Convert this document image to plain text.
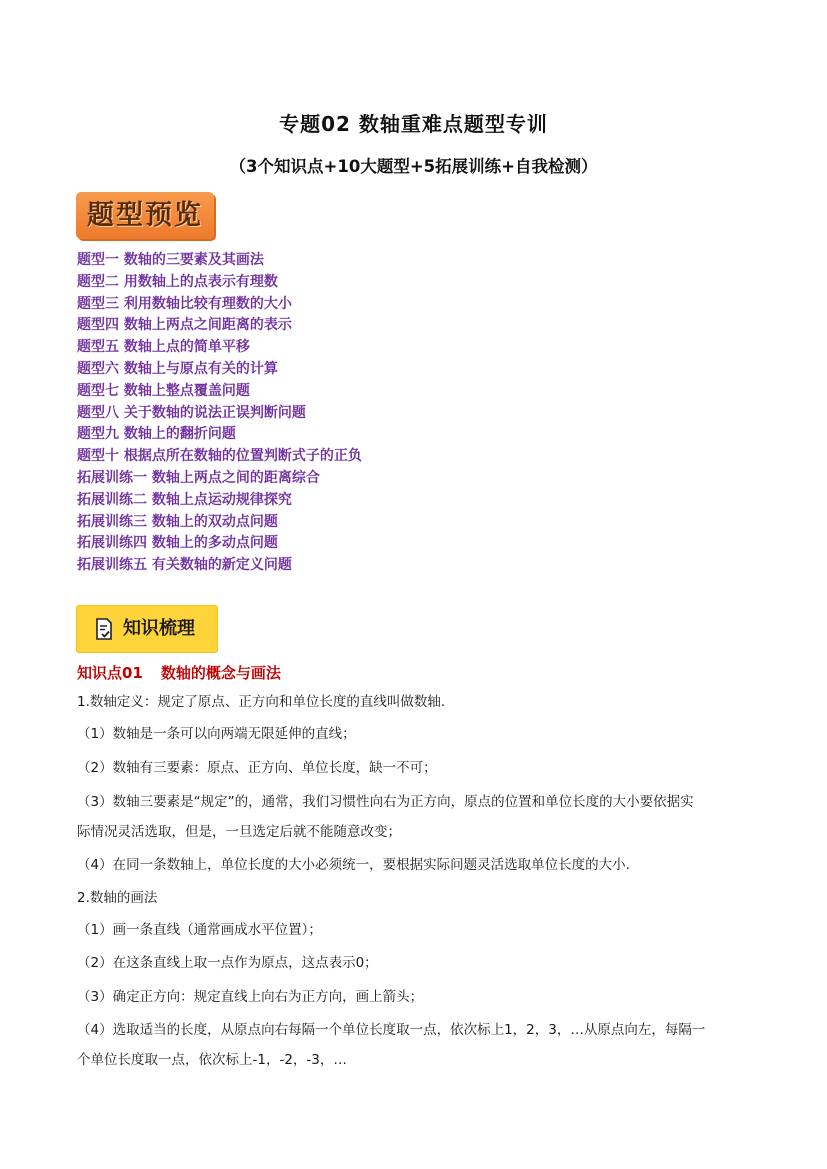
专题02 数轴重难点题型专训
（3个知识点+10大题型+5拓展训练+自我检测）
题型预览
题型一 数轴的三要素及其画法
题型二 用数轴上的点表示有理数
题型三 利用数轴比较有理数的大小
题型四 数轴上两点之间距离的表示
题型五 数轴上点的简单平移
题型六 数轴上与原点有关的计算
题型七 数轴上整点覆盖问题
题型八 关于数轴的说法正误判断问题
题型九 数轴上的翻折问题
题型十 根据点所在数轴的位置判断式子的正负
拓展训练一 数轴上两点之间的距离综合
拓展训练二 数轴上点运动规律探究
拓展训练三 数轴上的双动点问题
拓展训练四 数轴上的多动点问题
拓展训练五 有关数轴的新定义问题
知识梳理
知识点01 数轴的概念与画法
1.数轴定义：规定了原点、正方向和单位长度的直线叫做数轴.
（1）数轴是一条可以向两端无限延伸的直线；
（2）数轴有三要素：原点、正方向、单位长度，缺一不可；
（3）数轴三要素是“规定”的，通常，我们习惯性向右为正方向，原点的位置和单位长度的大小要依据实
际情况灵活选取，但是，一旦选定后就不能随意改变；
（4）在同一条数轴上，单位长度的大小必须统一，要根据实际问题灵活选取单位长度的大小.
2.数轴的画法
（1）画一条直线（通常画成水平位置）；
（2）在这条直线上取一点作为原点，这点表示0；
（3）确定正方向：规定直线上向右为正方向，画上箭头；
（4）选取适当的长度，从原点向右每隔一个单位长度取一点，依次标上1，2，3，…从原点向左，每隔一
个单位长度取一点，依次标上-1，-2，-3，…
